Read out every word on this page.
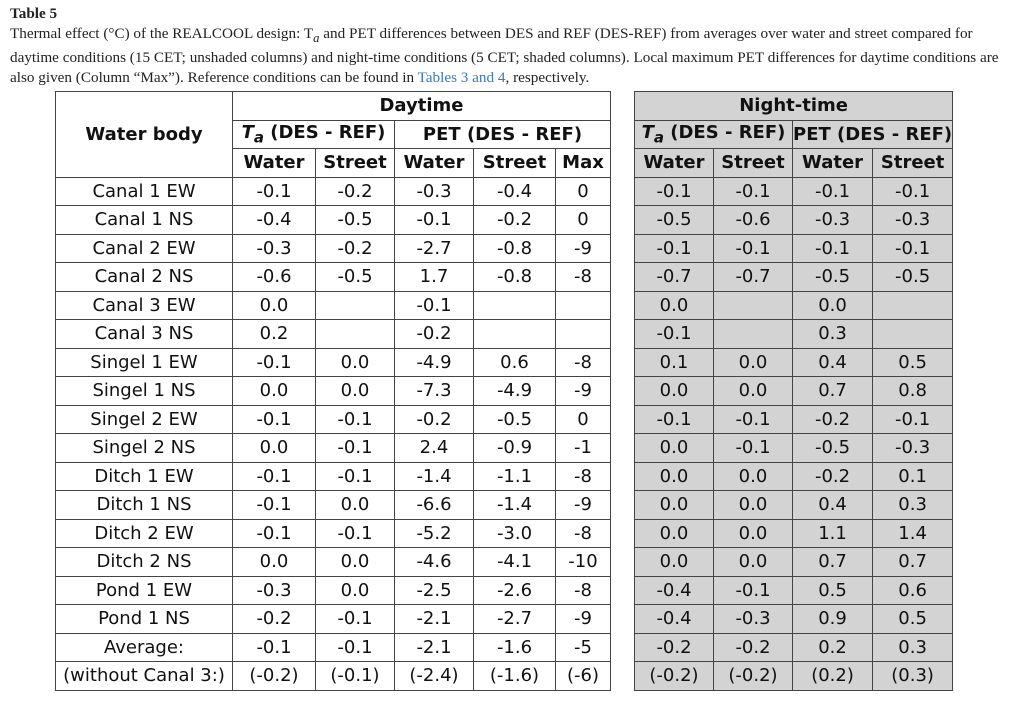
Table 5
Thermal effect (°C) of the REALCOOL design: $T_a$ and PET differences between DES and REF (DES-REF) from averages over water and street compared for daytime conditions (15 CET; unshaded columns) and night-time conditions (5 CET; shaded columns). Local maximum PET differences for daytime conditions are also given (Column “Max”). Reference conditions can be found in Tables 3 and 4, respectively.
Water body	Daytime						Night-time			
	$T_a$ (DES - REF)		PET (DES - REF)				$T_a$ (DES - REF)		PET (DES - REF)	
	Water	Street	Water	Street	Max		Water	Street	Water	Street
Canal 1 EW	-0.1	-0.2	-0.3	-0.4	0		-0.1	-0.1	-0.1	-0.1
Canal 1 NS	-0.4	-0.5	-0.1	-0.2	0		-0.5	-0.6	-0.3	-0.3
Canal 2 EW	-0.3	-0.2	-2.7	-0.8	-9		-0.1	-0.1	-0.1	-0.1
Canal 2 NS	-0.6	-0.5	1.7	-0.8	-8		-0.7	-0.7	-0.5	-0.5
Canal 3 EW	0.0		-0.1				0.0		0.0	
Canal 3 NS	0.2		-0.2				-0.1		0.3	
Singel 1 EW	-0.1	0.0	-4.9	0.6	-8		0.1	0.0	0.4	0.5
Singel 1 NS	0.0	0.0	-7.3	-4.9	-9		0.0	0.0	0.7	0.8
Singel 2 EW	-0.1	-0.1	-0.2	-0.5	0		-0.1	-0.1	-0.2	-0.1
Singel 2 NS	0.0	-0.1	2.4	-0.9	-1		0.0	-0.1	-0.5	-0.3
Ditch 1 EW	-0.1	-0.1	-1.4	-1.1	-8		0.0	0.0	-0.2	0.1
Ditch 1 NS	-0.1	0.0	-6.6	-1.4	-9		0.0	0.0	0.4	0.3
Ditch 2 EW	-0.1	-0.1	-5.2	-3.0	-8		0.0	0.0	1.1	1.4
Ditch 2 NS	0.0	0.0	-4.6	-4.1	-10		0.0	0.0	0.7	0.7
Pond 1 EW	-0.3	0.0	-2.5	-2.6	-8		-0.4	-0.1	0.5	0.6
Pond 1 NS	-0.2	-0.1	-2.1	-2.7	-9		-0.4	-0.3	0.9	0.5
Average:	-0.1	-0.1	-2.1	-1.6	-5		-0.2	-0.2	0.2	0.3
(without Canal 3:)	(-0.2)	(-0.1)	(-2.4)	(-1.6)	(-6)		(-0.2)	(-0.2)	(0.2)	(0.3)
